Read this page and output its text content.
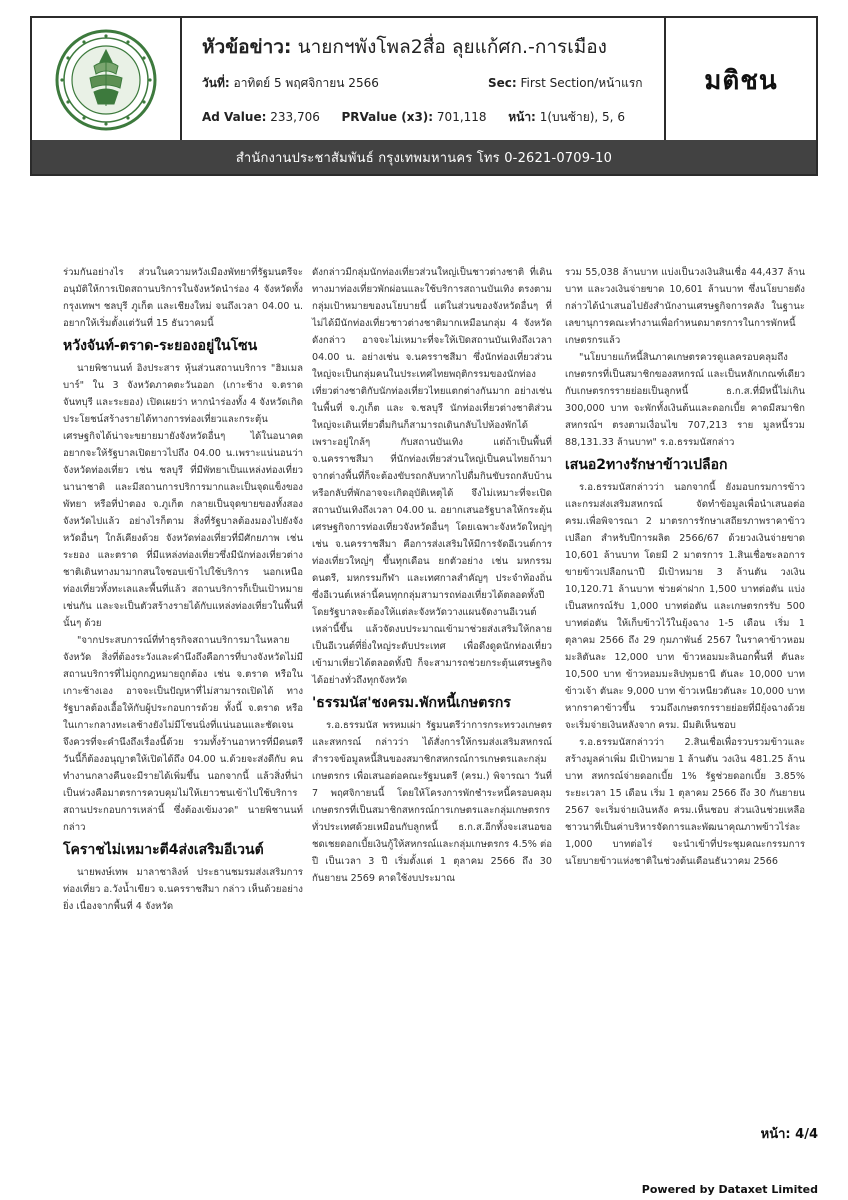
หัวข้อข่าว: นายกฯพังโพล2สื่อ ลุยแก้ศก.-การเมือง
วันที่: อาทิตย์ 5 พฤศจิกายน 2566	Sec: First Section/หน้าแรก
Ad Value: 233,706 PRValue (x3): 701,118 หน้า: 1(บนซ้าย), 5, 6
มติชน
สำนักงานประชาสัมพันธ์ กรุงเทพมหานคร โทร 0-2621-0709-10

ร่วมกันอย่างไร ส่วนในความหวังเมืองพัทยาที่รัฐมนตรีจะอนุมัติให้การเปิดสถานบริการในจังหวัดนำร่อง 4 จังหวัดทั้งกรุงเทพฯ ชลบุรี ภูเก็ต และเชียงใหม่ จนถึงเวลา 04.00 น. อยากให้เริ่มตั้งแต่วันที่ 15 ธันวาคมนี้

หวังจันท์-ตราด-ระยองอยู่ในโซน

นายพิชานนท์ อิงประสาร หุ้นส่วนสถานบริการ "ฮิมเมล บาร์" ใน 3 จังหวัดภาคตะวันออก (เกาะช้าง จ.ตราด จันทบุรี และระยอง) เปิดเผยว่า หากนำร่องทั้ง 4 จังหวัดเกิดประโยชน์สร้างรายได้ทางการท่องเที่ยวและกระตุ้นเศรษฐกิจได้น่าจะขยายมายังจังหวัดอื่นๆ ได้ในอนาคต อยากจะให้รัฐบาลเปิดยาวไปถึง 04.00 น.เพราะแน่นอนว่าจังหวัดท่องเที่ยว เช่น ชลบุรี ที่มีพัทยาเป็นแหล่งท่องเที่ยวนานาชาติ และมีสถานการปริการมากและเป็นจุดแข็งของพัทยา หรือที่ป่าตอง จ.ภูเก็ต กลายเป็นจุดขายของทั้งสองจังหวัดไปแล้ว อย่างไรก็ตาม สิ่งที่รัฐบาลต้องมองไปยังจังหวัดอื่นๆ ใกล้เคียงด้วย จังหวัดท่องเที่ยวที่มีศักยภาพ เช่น ระยอง และตราด ที่มีแหล่งท่องเที่ยวซึ่งมีนักท่องเที่ยวต่างชาติเดินทางมามากสนใจชอบเข้าไปใช้บริการ นอกเหนือท่องเที่ยวทั้งทะเลและพื้นที่แล้ว สถานบริการก็เป็นเป้าหมายเช่นกัน และจะเป็นตัวสร้างรายได้กับแหล่งท่องเที่ยวในพื้นที่นั้นๆ ด้วย

"จากประสบการณ์ที่ทำธุรกิจสถานบริการมาในหลายจังหวัด สิ่งที่ต้องระวังและคำนึงถึงคือการที่บางจังหวัดไม่มีสถานบริการที่ไม่ถูกกฎหมายถูกต้อง เช่น จ.ตราด หรือในเกาะช้างเอง อาจจะเป็นปัญหาที่ไม่สามารถเปิดได้ ทางรัฐบาลต้องเอื้อให้กับผู้ประกอบการด้วย ทั้งนี้ จ.ตราด หรือในเกาะกลางทะเลช้างยังไม่มีโซนนิ่งที่แน่นอนและชัดเจน จึงควรที่จะคำนึงถึงเรื่องนี้ด้วย รวมทั้งร้านอาหารที่มีดนตรีวันนี้ก็ต้องอนุญาตให้เปิดได้ถึง 04.00 น.ด้วยจะส่งดีกับ คนทำงานกลางคืนจะมีรายได้เพิ่มขึ้น นอกจากนี้ แล้วสิ่งที่น่าเป็นห่วงคือมาตรการควบคุมไม่ให้เยาวชนเข้าไปใช้บริการสถานประกอบการเหล่านี้ ซึ่งต้องเข้มงวด" นายพิชานนท์กล่าว

โคราชไม่เหมาะตี4ส่งเสริมอีเวนต์

นายพงษ์เทพ มาลาชาลิงห์ ประธานชมรมส่งเสริมการท่องเที่ยว อ.วังน้ำเขียว จ.นครราชสีมา กล่าว เห็นด้วยอย่างยิ่ง เนื่องจากพื้นที่ 4 จังหวัด

ดังกล่าวมีกลุ่มนักท่องเที่ยวส่วนใหญ่เป็นชาวต่างชาติ ที่เดินทางมาท่องเที่ยวพักผ่อนและใช้บริการสถานบันเทิง ตรงตามกลุ่มเป้าหมายของนโยบายนี้ แต่ในส่วนของจังหวัดอื่นๆ ที่ไม่ได้มีนักท่องเที่ยวชาวต่างชาติมากเหมือนกลุ่ม 4 จังหวัดดังกล่าว อาจจะไม่เหมาะที่จะให้เปิดสถานบันเทิงถึงเวลา 04.00 น. อย่างเช่น จ.นครราชสีมา ซึ่งนักท่องเที่ยวส่วนใหญ่จะเป็นกลุ่มคนในประเทศไทยพฤติกรรมของนักท่องเที่ยวต่างชาติกับนักท่องเที่ยวไทยแตกต่างกันมาก อย่างเช่นในพื้นที่ จ.ภูเก็ต และ จ.ชลบุรี นักท่องเที่ยวต่างชาติส่วนใหญ่จะเดินเที่ยวดื่มกินก็สามารถเดินกลับไปห้องพักได้ เพราะอยู่ใกล้ๆ กับสถานบันเทิง แต่ถ้าเป็นพื้นที่ จ.นครราชสีมา ที่นักท่องเที่ยวส่วนใหญ่เป็นคนไทยถ้ามาจากต่างพื้นที่ก็จะต้องขับรถกลับหากไปดื่มกินขับรถกลับบ้าน หรือกลับที่พักอาจจะเกิดอุบัติเหตุได้ จึงไม่เหมาะที่จะเปิดสถานบันเทิงถึงเวลา 04.00 น. อยากเสนอรัฐบาลให้กระตุ้นเศรษฐกิจการท่องเที่ยวจังหวัดอื่นๆ โดยเฉพาะจังหวัดใหญ่ๆ เช่น จ.นครราชสีมา คือการส่งเสริมให้มีการจัดอีเวนต์การท่องเที่ยวใหญ่ๆ ขึ้นทุกเดือน ยกตัวอย่าง เช่น มหกรรมดนตรี, มหกรรมกีฬา และเทศกาลสำคัญๆ ประจำท้องถิ่น ซึ่งอีเวนต์เหล่านี้คนทุกกลุ่มสามารถท่องเที่ยวได้ตลอดทั้งปี โดยรัฐบาลจะต้องให้แต่ละจังหวัดวางแผนจัดงานอีเวนต์เหล่านี้ขึ้น แล้วจัดงบประมาณเข้ามาช่วยส่งเสริมให้กลายเป็นอีเวนต์ที่ยิ่งใหญ่ระดับประเทศ เพื่อดึงดูดนักท่องเที่ยวเข้ามาเที่ยวได้ตลอดทั้งปี ก็จะสามารถช่วยกระตุ้นเศรษฐกิจได้อย่างทั่วถึงทุกจังหวัด

'ธรรมนัส'ชงครม.พักหนี้เกษตรกร

ร.อ.ธรรมนัส พรหมเผ่า รัฐมนตรีว่าการกระทรวงเกษตรและสหกรณ์ กล่าวว่า ได้สั่งการให้กรมส่งเสริมสหกรณ์ สำรวจข้อมูลหนี้สินของสมาชิกสหกรณ์การเกษตรและกลุ่มเกษตรกร เพื่อเสนอต่อคณะรัฐมนตรี (ครม.) พิจารณา วันที่ 7 พฤศจิกายนนี้ โดยให้โครงการพักชำระหนี้ครอบคลุมเกษตรกรที่เป็นสมาชิกสหกรณ์การเกษตรและกลุ่มเกษตรกรทั่วประเทศด้วยเหมือนกับลูกหนี้ ธ.ก.ส.อีกทั้งจะเสนอขอชดเชยดอกเบี้ยเงินกู้ให้สหกรณ์และกลุ่มเกษตรกร 4.5% ต่อปี เป็นเวลา 3 ปี เริ่มตั้งแต่ 1 ตุลาคม 2566 ถึง 30 กันยายน 2569 คาดใช้งบประมาณ

รวม 55,038 ล้านบาท แบ่งเป็นวงเงินสินเชื่อ 44,437 ล้านบาท และวงเงินจ่ายขาด 10,601 ล้านบาท ซึ่งนโยบายดังกล่าวได้นำเสนอไปยังสำนักงานเศรษฐกิจการคลัง ในฐานะเลขานุการคณะทำงานเพื่อกำหนดมาตรการในการพักหนี้เกษตรกรแล้ว

"นโยบายแก้หนี้สินภาคเกษตรควรดูแลครอบคลุมถึงเกษตรกรที่เป็นสมาชิกของสหกรณ์ และเป็นหลักเกณฑ์เดียวกับเกษตรกรรายย่อยเป็นลูกหนี้ ธ.ก.ส.ที่มีหนี้ไม่เกิน 300,000 บาท จะพักทั้งเงินต้นและดอกเบี้ย คาดมีสมาชิกสหกรณ์ฯ ตรงตามเงื่อนไข 707,213 ราย มูลหนี้รวม 88,131.33 ล้านบาท" ร.อ.ธรรมนัสกล่าว

เสนอ2ทางรักษาข้าวเปลือก

ร.อ.ธรรมนัสกล่าวว่า นอกจากนี้ ยังมอบกรมการข้าวและกรมส่งเสริมสหกรณ์ จัดทำข้อมูลเพื่อนำเสนอต่อ ครม.เพื่อพิจารณา 2 มาตรการรักษาเสถียรภาพราคาข้าวเปลือก สำหรับปีการผลิต 2566/67 ด้วยวงเงินจ่ายขาด 10,601 ล้านบาท โดยมี 2 มาตรการ 1.สินเชื่อชะลอการขายข้าวเปลือกนาปี มีเป้าหมาย 3 ล้านตัน วงเงิน 10,120.71 ล้านบาท ช่วยค่าฝาก 1,500 บาทต่อตัน แบ่งเป็นสหกรณ์รับ 1,000 บาทต่อตัน และเกษตรกรรับ 500 บาทต่อตัน ให้เก็บข้าวไว้ในยุ้งฉาง 1-5 เดือน เริ่ม 1 ตุลาคม 2566 ถึง 29 กุมภาพันธ์ 2567 ในราคาข้าวหอมมะลิตันละ 12,000 บาท ข้าวหอมมะลินอกพื้นที่ ตันละ 10,500 บาท ข้าวหอมมะลิปทุมธานี ตันละ 10,000 บาท ข้าวเจ้า ตันละ 9,000 บาท ข้าวเหนียวตันละ 10,000 บาท หากราคาข้าวขึ้น รวมถึงเกษตรกรรายย่อยที่มียุ้งฉางด้วย จะเริ่มจ่ายเงินหลังจาก ครม. มีมติเห็นชอบ

ร.อ.ธรรมนัสกล่าวว่า 2.สินเชื่อเพื่อรวบรวมข้าวและสร้างมูลค่าเพิ่ม มีเป้าหมาย 1 ล้านตัน วงเงิน 481.25 ล้านบาท สหกรณ์จ่ายดอกเบี้ย 1% รัฐช่วยดอกเบี้ย 3.85% ระยะเวลา 15 เดือน เริ่ม 1 ตุลาคม 2566 ถึง 30 กันยายน 2567 จะเริ่มจ่ายเงินหลัง ครม.เห็นชอบ ส่วนเงินช่วยเหลือชาวนาที่เป็นค่าบริหารจัดการและพัฒนาคุณภาพข้าวไร่ละ 1,000 บาทต่อไร่ จะนำเข้าที่ประชุมคณะกรรมการนโยบายข้าวแห่งชาติในช่วงต้นเดือนธันวาคม 2566

หน้า: 4/4
Powered by Dataxet Limited
